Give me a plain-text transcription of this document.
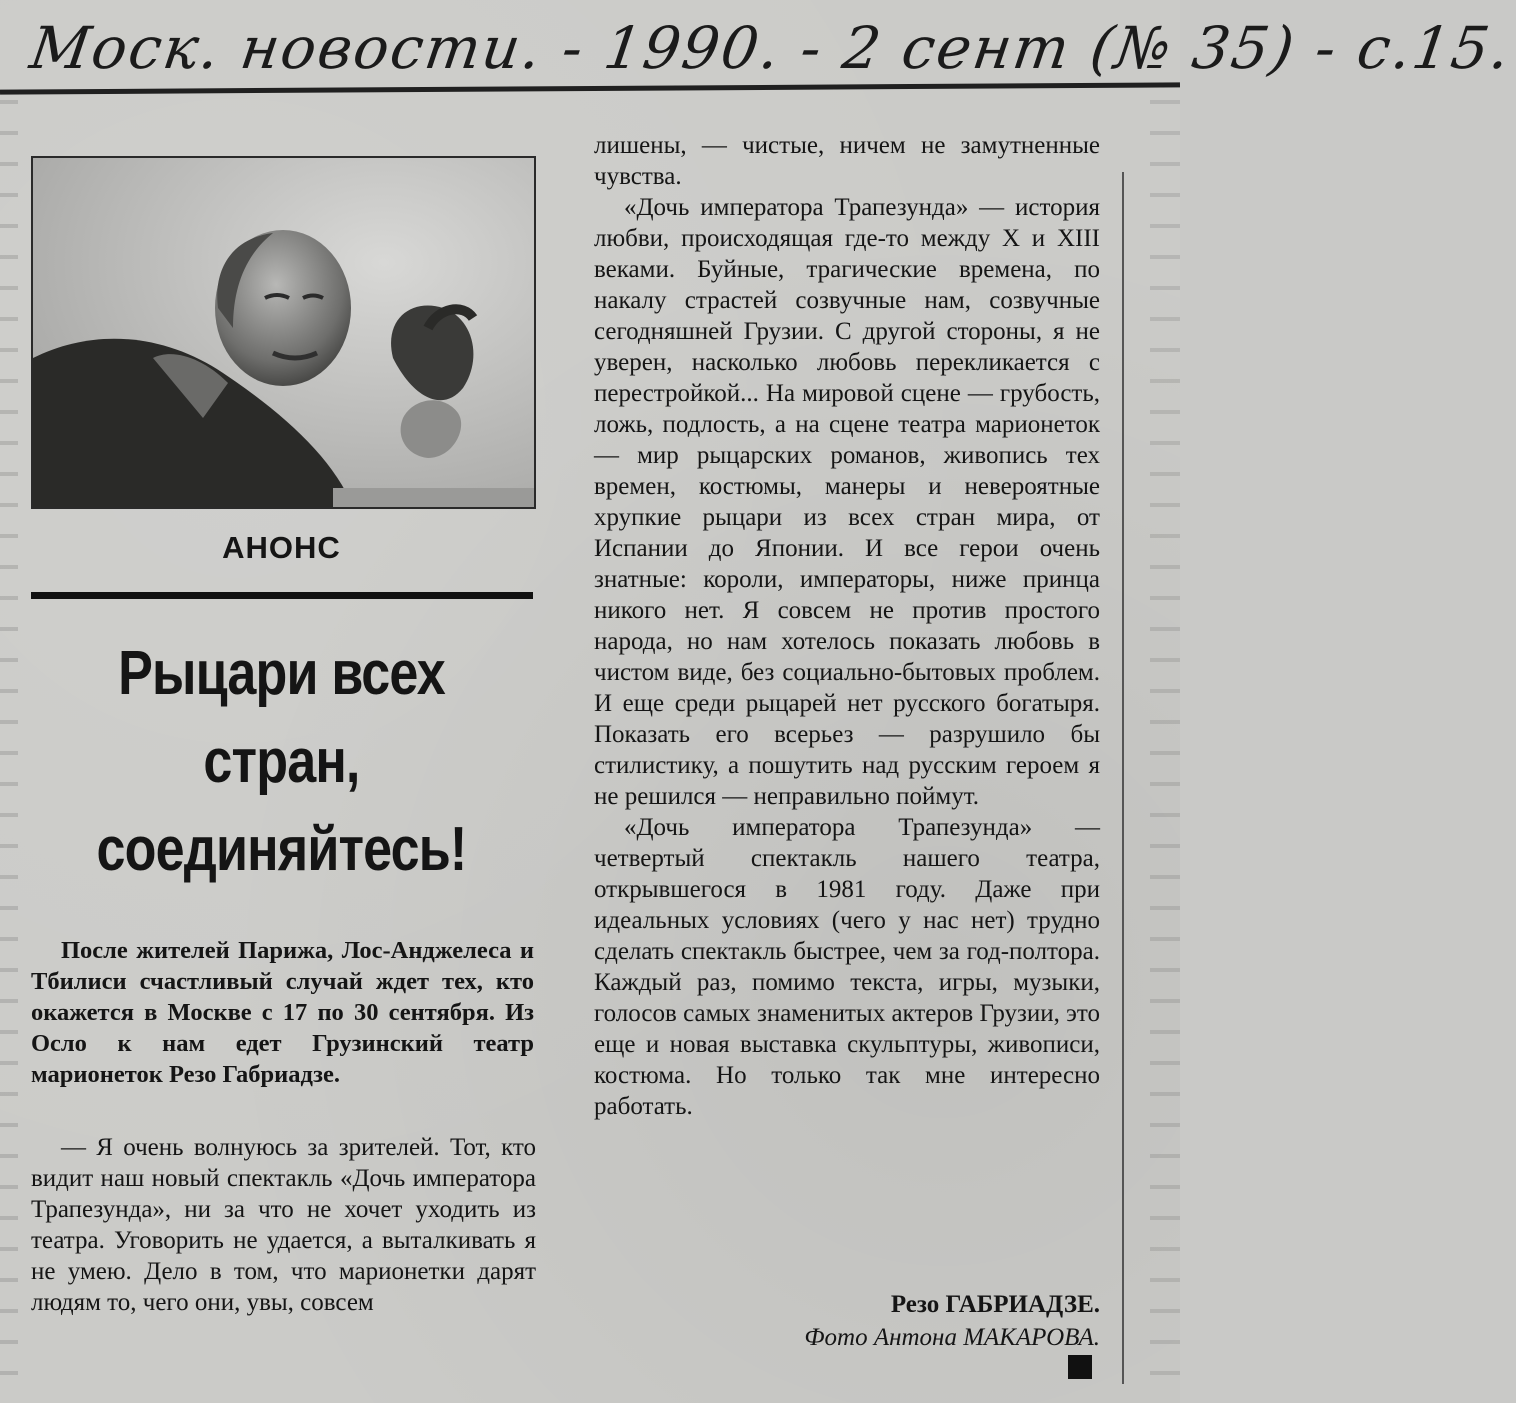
Моск. новости. - 1990. - 2 сент (№ 35) - с.15.
АНОНС
Рыцари всех
стран,
соединяйтесь!

После жителей Парижа, Лос-Анджелеса и Тбилиси счастливый случай ждет тех, кто окажется в Москве с 17 по 30 сентября. Из Осло к нам едет Грузинский театр марионеток Резо Габриадзе.

— Я очень волнуюсь за зрителей. Тот, кто видит наш новый спектакль «Дочь императора Трапезунда», ни за что не хочет уходить из театра. Уговорить не удается, а выталкивать я не умею. Дело в том, что марионетки дарят людям то, чего они, увы, совсем

лишены, — чистые, ничем не замутненные чувства.

«Дочь императора Трапезунда» — история любви, происходящая где-то между X и XIII веками. Буйные, трагические времена, по накалу страстей созвучные нам, созвучные сегодняшней Грузии. С другой стороны, я не уверен, насколько любовь перекликается с перестройкой... На мировой сцене — грубость, ложь, подлость, а на сцене театра марионеток — мир рыцарских романов, живопись тех времен, костюмы, манеры и невероятные хрупкие рыцари из всех стран мира, от Испании до Японии. И все герои очень знатные: короли, императоры, ниже принца никого нет. Я совсем не против простого народа, но нам хотелось показать любовь в чистом виде, без социально-бытовых проблем. И еще среди рыцарей нет русского богатыря. Показать его всерьез — разрушило бы стилистику, а пошутить над русским героем я не решился — неправильно поймут.

«Дочь императора Трапезунда» — четвертый спектакль нашего театра, открывшегося в 1981 году. Даже при идеальных условиях (чего у нас нет) трудно сделать спектакль быстрее, чем за год-полтора. Каждый раз, помимо текста, игры, музыки, голосов самых знаменитых актеров Грузии, это еще и новая выставка скульптуры, живописи, костюма. Но только так мне интересно работать.

Резо ГАБРИАДЗЕ.
Фото Антона МАКАРОВА.
